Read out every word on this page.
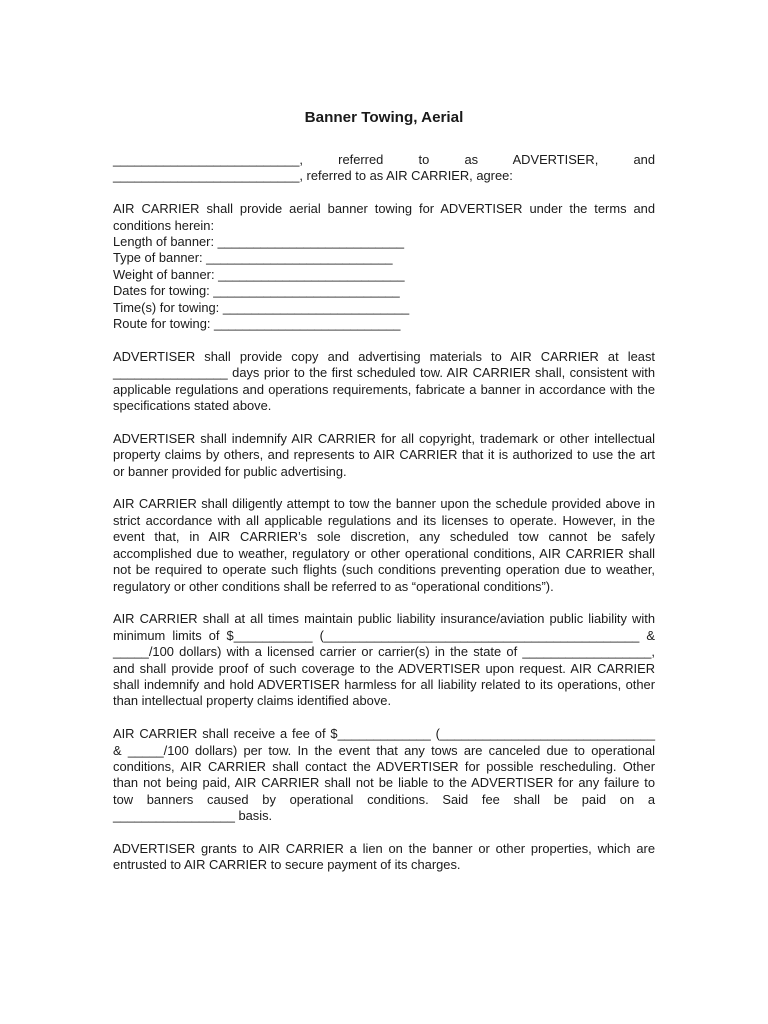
Banner Towing, Aerial
__________________________, referred to as ADVERTISER, and
__________________________, referred to as AIR CARRIER, agree:
AIR CARRIER shall provide aerial banner towing for ADVERTISER under the terms and conditions herein:
Length of banner: __________________________
Type of banner: __________________________
Weight of banner: __________________________
Dates for towing: __________________________
Time(s) for towing: __________________________
Route for towing: __________________________
ADVERTISER shall provide copy and advertising materials to AIR CARRIER at least ________________ days prior to the first scheduled tow. AIR CARRIER shall, consistent with applicable regulations and operations requirements, fabricate a banner in accordance with the specifications stated above.
ADVERTISER shall indemnify AIR CARRIER for all copyright, trademark or other intellectual property claims by others, and represents to AIR CARRIER that it is authorized to use the art or banner provided for public advertising.
AIR CARRIER shall diligently attempt to tow the banner upon the schedule provided above in strict accordance with all applicable regulations and its licenses to operate. However, in the event that, in AIR CARRIER’s sole discretion, any scheduled tow cannot be safely accomplished due to weather, regulatory or other operational conditions, AIR CARRIER shall not be required to operate such flights (such conditions preventing operation due to weather, regulatory or other conditions shall be referred to as “operational conditions”).
AIR CARRIER shall at all times maintain public liability insurance/aviation public liability with minimum limits of $___________ (____________________________________________ & _____/100 dollars) with a licensed carrier or carrier(s) in the state of __________________, and shall provide proof of such coverage to the ADVERTISER upon request. AIR CARRIER shall indemnify and hold ADVERTISER harmless for all liability related to its operations, other than intellectual property claims identified above.
AIR CARRIER shall receive a fee of $_____________ (______________________________ & _____/100 dollars) per tow. In the event that any tows are canceled due to operational conditions, AIR CARRIER shall contact the ADVERTISER for possible rescheduling. Other than not being paid, AIR CARRIER shall not be liable to the ADVERTISER for any failure to tow banners caused by operational conditions. Said fee shall be paid on a _________________ basis.
ADVERTISER grants to AIR CARRIER a lien on the banner or other properties, which are entrusted to AIR CARRIER to secure payment of its charges.
